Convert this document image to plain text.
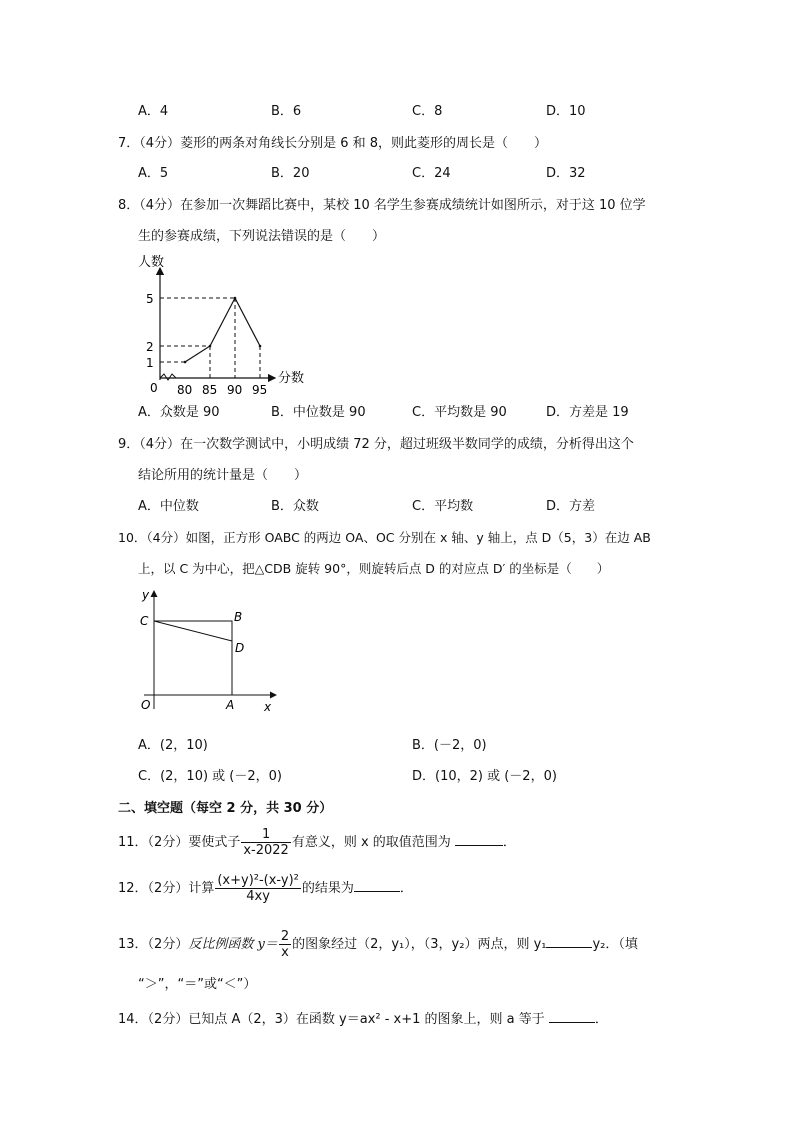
A．4	B．6	C．8	D．10
7．（4分）菱形的两条对角线长分别是 6 和 8，则此菱形的周长是（　　）
A．5	B．20	C．24	D．32
8．（4分）在参加一次舞蹈比赛中，某校 10 名学生参赛成绩统计如图所示，对于这 10 位学
生的参赛成绩，下列说法错误的是（　　）
人数
分数
0
1
2
5
80 85 90 95
A．众数是 90	B．中位数是 90	C．平均数是 90	D．方差是 19
9．（4分）在一次数学测试中，小明成绩 72 分，超过班级半数同学的成绩，分析得出这个
结论所用的统计量是（　　）
A．中位数	B．众数	C．平均数	D．方差
10．（4分）如图，正方形 OABC 的两边 OA、OC 分别在 x 轴、y 轴上，点 D（5，3）在边 AB
上，以 C 为中心，把△CDB 旋转 90°，则旋转后点 D 的对应点 D′ 的坐标是（　　）
y
C	B
D
O	A x
A．(2，10)	B．(－2，0)
C．(2，10) 或 (－2，0)	D．(10，2) 或 (－2，0)
二、填空题（每空 2 分，共 30 分）
11．（2分）要使式子 $\frac{1}{x-2022}$ 有意义，则 x 的取值范围为	．
12．（2分）计算 $\frac{\text{(x+y)²-(x-y)²}}{4xy}$ 的结果为	．
13．（2分）反比例函数 $y= \frac{2}{x}$ 的图象经过（2，y₁），（3，y₂）两点，则 y₁	y₂．（填
“＞”，“＝”或“＜”）
14．（2分）已知点 A（2，3）在函数 y＝ax² - x+1 的图象上，则 a 等于	．
